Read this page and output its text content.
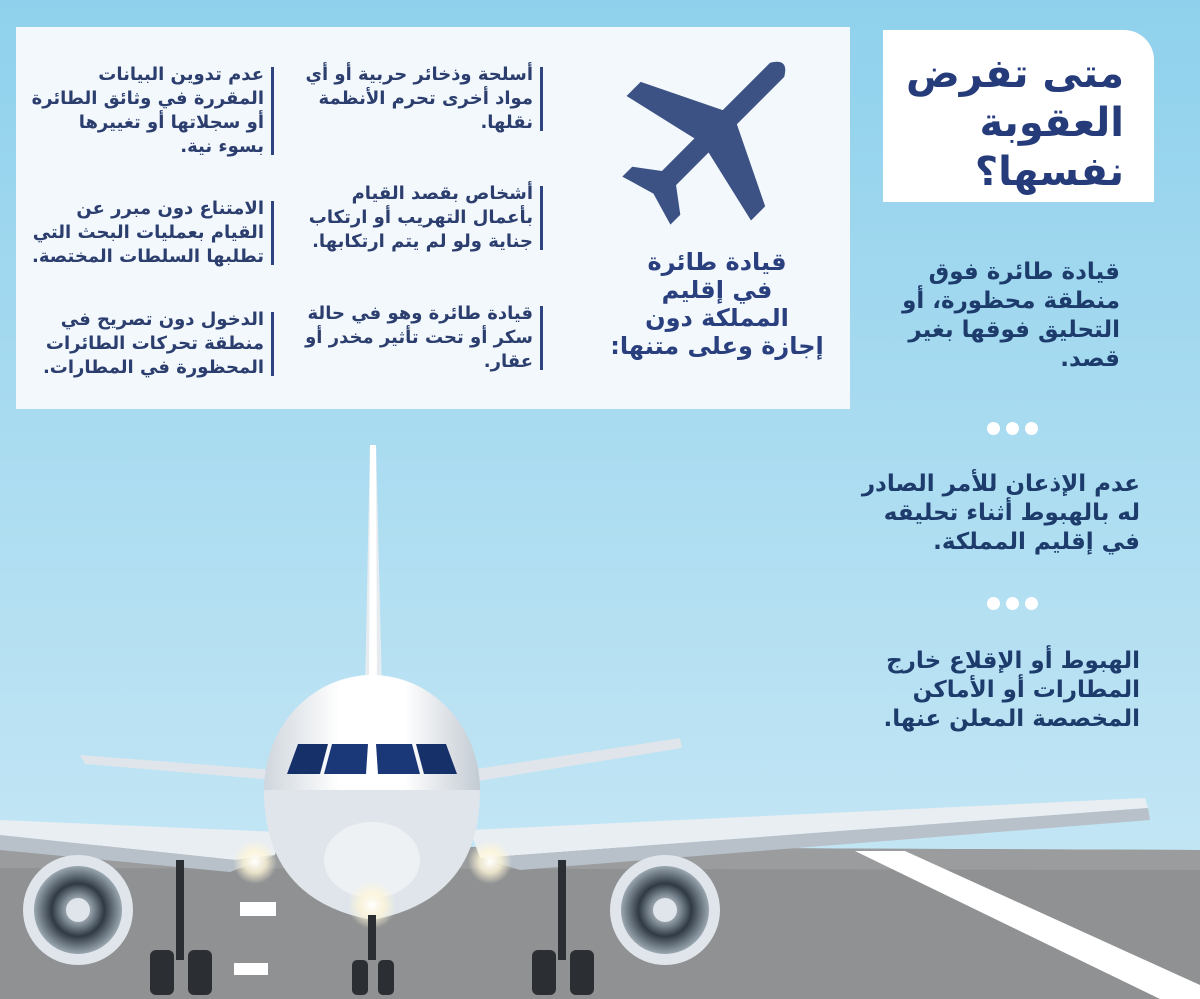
متى تفرض
العقوبة
نفسها؟
قيادة طائرة
في إقليم
المملكة دون
إجازة وعلى متنها:
أسلحة وذخائر حربية أو أي
مواد أخرى تحرم الأنظمة
نقلها.
عدم تدوين البيانات
المقررة في وثائق الطائرة
أو سجلاتها أو تغييرها
بسوء نية.
أشخاص بقصد القيام
بأعمال التهريب أو ارتكاب
جناية ولو لم يتم ارتكابها.
الامتناع دون مبرر عن
القيام بعمليات البحث التي
تطلبها السلطات المختصة.
قيادة طائرة وهو في حالة
سكر أو تحت تأثير مخدر أو
عقار.
الدخول دون تصريح في
منطقة تحركات الطائرات
المحظورة في المطارات.
قيادة طائرة فوق
منطقة محظورة، أو
التحليق فوقها بغير
قصد.
عدم الإذعان للأمر الصادر
له بالهبوط أثناء تحليقه
في إقليم المملكة.
الهبوط أو الإقلاع خارج
المطارات أو الأماكن
المخصصة المعلن عنها.
